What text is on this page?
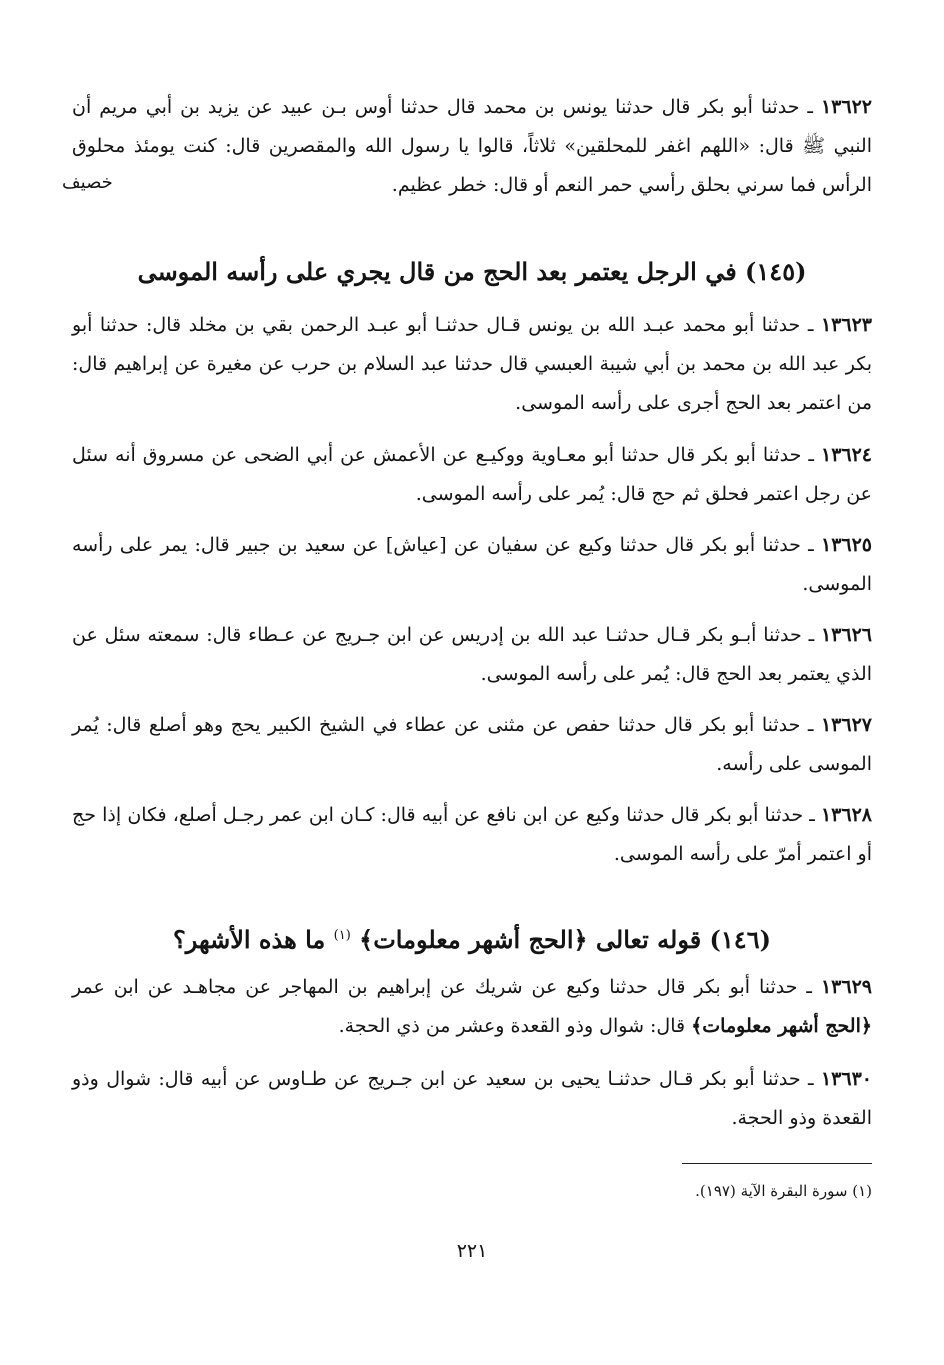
١٣٦٢٢ ـ حدثنا أبو بكر قال حدثنا يونس بن محمد قال حدثنا أوس بـن عبيد عن يزيد بن أبي مريم أن النبي ﷺ قال: «اللهم اغفر للمحلقين» ثلاثاً، قالوا يا رسول الله والمقصرين قال: كنت يومئذ محلوق الرأس فما سرني بحلق رأسي حمر النعم أو قال: خطر عظيم.

خصيف
(١٤٥) في الرجل يعتمر بعد الحج من قال يجري على رأسه الموسى

١٣٦٢٣ ـ حدثنا أبو محمد عبـد الله بن يونس قـال حدثنـا أبو عبـد الرحمن بقي بن مخلد قال: حدثنا أبو بكر عبد الله بن محمد بن أبي شيبة العبسي قال حدثنا عبد السلام بن حرب عن مغيرة عن إبراهيم قال: من اعتمر بعد الحج أجرى على رأسه الموسى.

١٣٦٢٤ ـ حدثنا أبو بكر قال حدثنا أبو معـاوية ووكيـع عن الأعمش عن أبي الضحى عن مسروق أنه سئل عن رجل اعتمر فحلق ثم حج قال: يُمر على رأسه الموسى.

١٣٦٢٥ ـ حدثنا أبو بكر قال حدثنا وكيع عن سفيان عن [عياش] عن سعيد بن جبير قال: يمر على رأسه الموسى.

١٣٦٢٦ ـ حدثنا أبـو بكر قـال حدثنـا عبد الله بن إدريس عن ابن جـريج عن عـطاء قال: سمعته سئل عن الذي يعتمر بعد الحج قال: يُمر على رأسه الموسى.

١٣٦٢٧ ـ حدثنا أبو بكر قال حدثنا حفص عن مثنى عن عطاء في الشيخ الكبير يحج وهو أصلع قال: يُمر الموسى على رأسه.

١٣٦٢٨ ـ حدثنا أبو بكر قال حدثنا وكيع عن ابن نافع عن أبيه قال: كـان ابن عمر رجـل أصلع، فكان إذا حج أو اعتمر أمرّ على رأسه الموسى.

(١٤٦) قوله تعالى ﴿الحج أشهر معلومات﴾ $^{(١)}$ ما هذه الأشهر؟

١٣٦٢٩ ـ حدثنا أبو بكر قال حدثنا وكيع عن شريك عن إبراهيم بن المهاجر عن مجاهـد عن ابن عمر ﴿الحج أشهر معلومات﴾ قال: شوال وذو القعدة وعشر من ذي الحجة.

١٣٦٣٠ ـ حدثنا أبو بكر قـال حدثنـا يحيى بن سعيد عن ابن جـريج عن طـاوس عن أبيه قال: شوال وذو القعدة وذو الحجة.

(١) سورة البقرة الآية (١٩٧).
٢٢١
